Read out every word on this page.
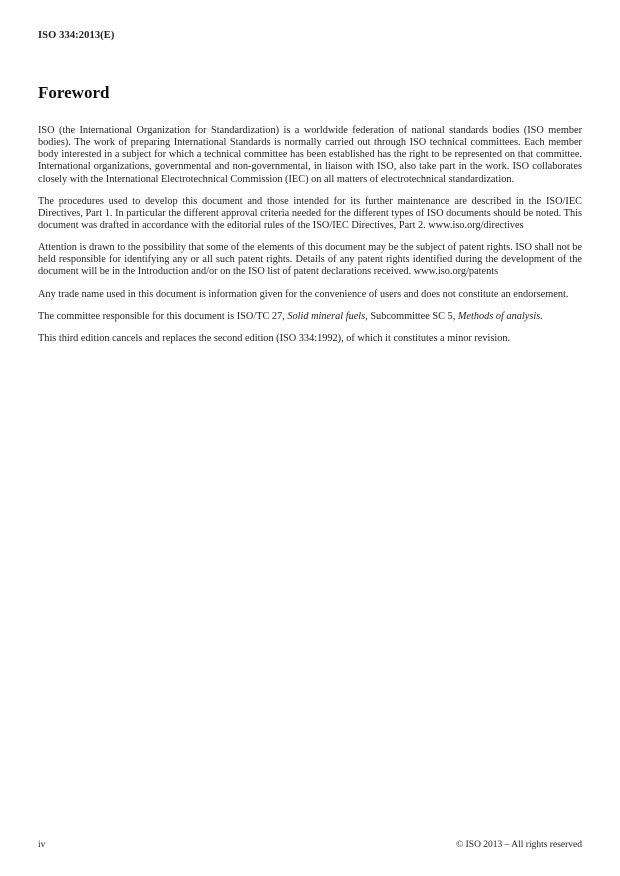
ISO 334:2013(E)
Foreword

ISO (the International Organization for Standardization) is a worldwide federation of national standards bodies (ISO member bodies). The work of preparing International Standards is normally carried out through ISO technical committees. Each member body interested in a subject for which a technical committee has been established has the right to be represented on that committee. International organizations, governmental and non-governmental, in liaison with ISO, also take part in the work. ISO collaborates closely with the International Electrotechnical Commission (IEC) on all matters of electrotechnical standardization.

The procedures used to develop this document and those intended for its further maintenance are described in the ISO/IEC Directives, Part 1. In particular the different approval criteria needed for the different types of ISO documents should be noted. This document was drafted in accordance with the editorial rules of the ISO/IEC Directives, Part 2. www.iso.org/directives

Attention is drawn to the possibility that some of the elements of this document may be the subject of patent rights. ISO shall not be held responsible for identifying any or all such patent rights. Details of any patent rights identified during the development of the document will be in the Introduction and/or on the ISO list of patent declarations received. www.iso.org/patents

Any trade name used in this document is information given for the convenience of users and does not constitute an endorsement.

The committee responsible for this document is ISO/TC 27, Solid mineral fuels, Subcommittee SC 5, Methods of analysis.

This third edition cancels and replaces the second edition (ISO 334:1992), of which it constitutes a minor revision.

iv	© ISO 2013 – All rights reserved
